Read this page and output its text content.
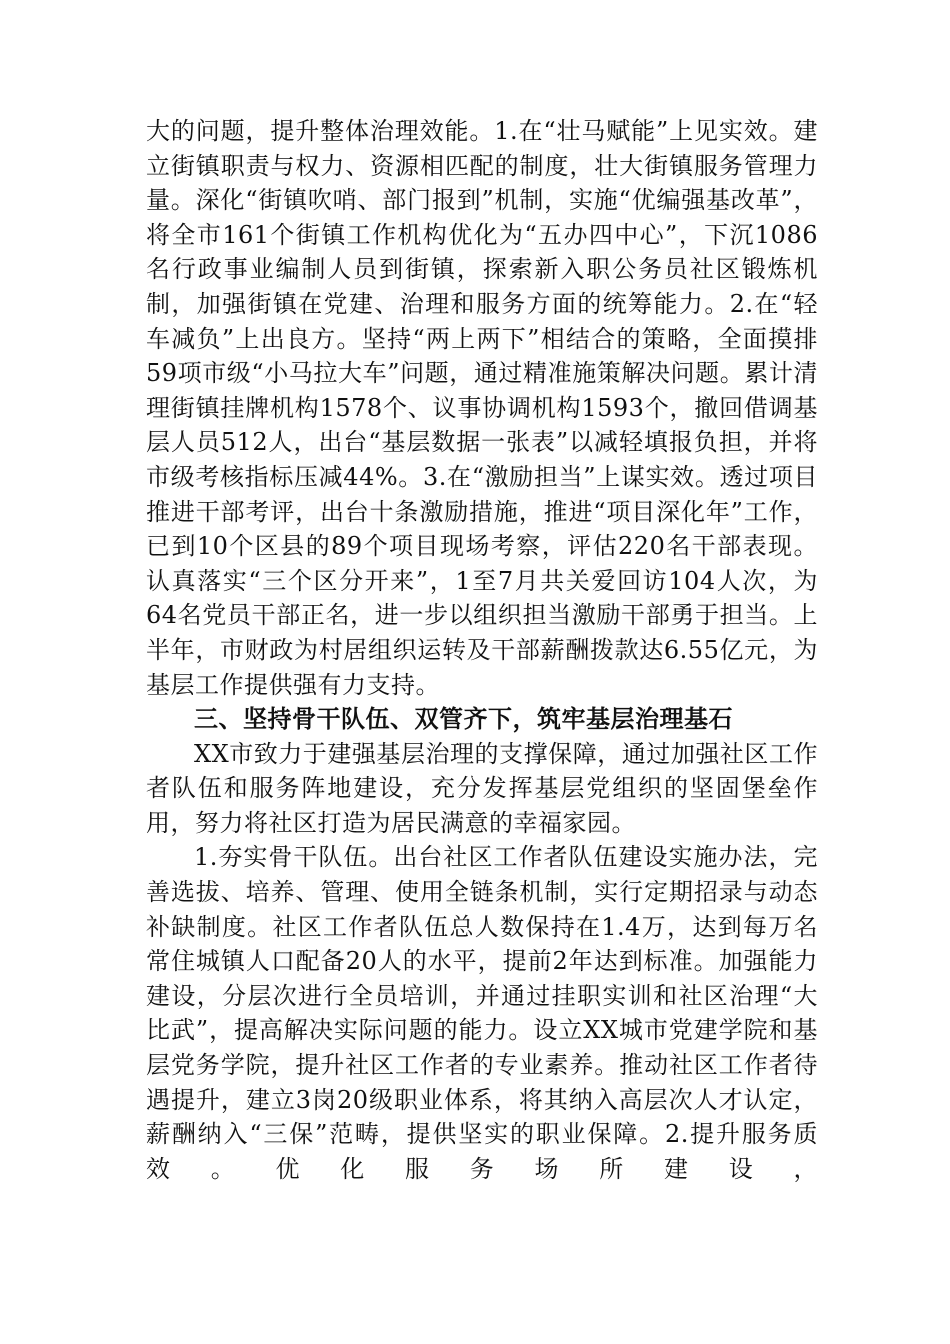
大的问题，提升整体治理效能。1.在“壮马赋能”上见实效。建立街镇职责与权力、资源相匹配的制度，壮大街镇服务管理力量。深化“街镇吹哨、部门报到”机制，实施“优编强基改革”，将全市161个街镇工作机构优化为“五办四中心”，下沉1086名行政事业编制人员到街镇，探索新入职公务员社区锻炼机制，加强街镇在党建、治理和服务方面的统筹能力。2.在“轻车减负”上出良方。坚持“两上两下”相结合的策略，全面摸排59项市级“小马拉大车”问题，通过精准施策解决问题。累计清理街镇挂牌机构1578个、议事协调机构1593个，撤回借调基层人员512人，出台“基层数据一张表”以减轻填报负担，并将市级考核指标压减44%。3.在“激励担当”上谋实效。透过项目推进干部考评，出台十条激励措施，推进“项目深化年”工作，已到10个区县的89个项目现场考察，评估220名干部表现。认真落实“三个区分开来”，1至7月共关爱回访104人次，为64名党员干部正名，进一步以组织担当激励干部勇于担当。上半年，市财政为村居组织运转及干部薪酬拨款达6.55亿元，为基层工作提供强有力支持。

三、坚持骨干队伍、双管齐下，筑牢基层治理基石

XX市致力于建强基层治理的支撑保障，通过加强社区工作者队伍和服务阵地建设，充分发挥基层党组织的坚固堡垒作用，努力将社区打造为居民满意的幸福家园。

1.夯实骨干队伍。出台社区工作者队伍建设实施办法，完善选拔、培养、管理、使用全链条机制，实行定期招录与动态补缺制度。社区工作者队伍总人数保持在1.4万，达到每万名常住城镇人口配备20人的水平，提前2年达到标准。加强能力建设，分层次进行全员培训，并通过挂职实训和社区治理“大比武”，提高解决实际问题的能力。设立XX城市党建学院和基层党务学院，提升社区工作者的专业素养。推动社区工作者待遇提升，建立3岗20级职业体系，将其纳入高层次人才认定，薪酬纳入“三保”范畴，提供坚实的职业保障。2.提升服务质效。优化服务场所建设，
